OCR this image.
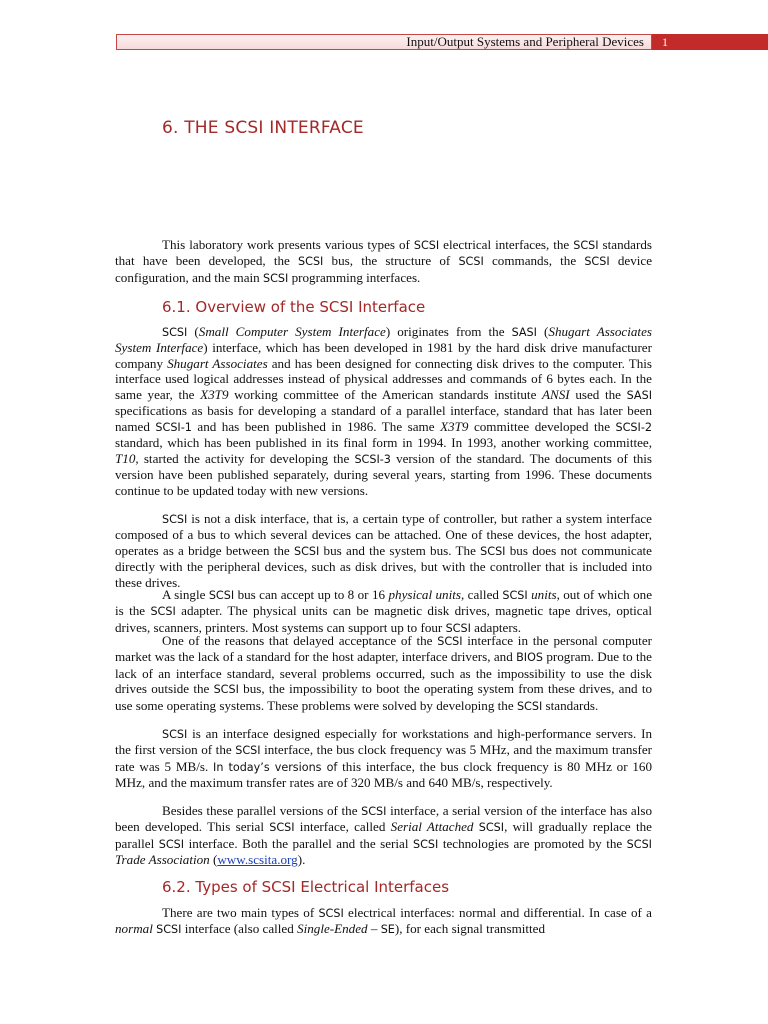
Input/Output Systems and Peripheral Devices 1
6. THE SCSI INTERFACE

This laboratory work presents various types of SCSI electrical interfaces, the SCSI standards that have been developed, the SCSI bus, the structure of SCSI commands, the SCSI device configuration, and the main SCSI programming interfaces.

6.1. Overview of the SCSI Interface

SCSI (Small Computer System Interface) originates from the SASI (Shugart Associates System Interface) interface, which has been developed in 1981 by the hard disk drive manufacturer company Shugart Associates and has been designed for connecting disk drives to the computer. This interface used logical addresses instead of physical addresses and commands of 6 bytes each. In the same year, the X3T9 working committee of the American standards institute ANSI used the SASI specifications as basis for developing a standard of a parallel interface, standard that has later been named SCSI-1 and has been published in 1986. The same X3T9 committee developed the SCSI-2 standard, which has been published in its final form in 1994. In 1993, another working committee, T10, started the activity for developing the SCSI-3 version of the standard. The documents of this version have been published separately, during several years, starting from 1996. These documents continue to be updated today with new versions.

SCSI is not a disk interface, that is, a certain type of controller, but rather a system interface composed of a bus to which several devices can be attached. One of these devices, the host adapter, operates as a bridge between the SCSI bus and the system bus. The SCSI bus does not communicate directly with the peripheral devices, such as disk drives, but with the controller that is included into these drives.

A single SCSI bus can accept up to 8 or 16 physical units, called SCSI units, out of which one is the SCSI adapter. The physical units can be magnetic disk drives, magnetic tape drives, optical drives, scanners, printers. Most systems can support up to four SCSI adapters.

One of the reasons that delayed acceptance of the SCSI interface in the personal computer market was the lack of a standard for the host adapter, interface drivers, and BIOS program. Due to the lack of an interface standard, several problems occurred, such as the impossibility to use the disk drives outside the SCSI bus, the impossibility to boot the operating system from these drives, and to use some operating systems. These problems were solved by developing the SCSI standards.

SCSI is an interface designed especially for workstations and high-performance servers. In the first version of the SCSI interface, the bus clock frequency was 5 MHz, and the maximum transfer rate was 5 MB/s. In today’s versions of this interface, the bus clock frequency is 80 MHz or 160 MHz, and the maximum transfer rates are of 320 MB/s and 640 MB/s, respectively.

Besides these parallel versions of the SCSI interface, a serial version of the interface has also been developed. This serial SCSI interface, called Serial Attached SCSI, will gradually replace the parallel SCSI interface. Both the parallel and the serial SCSI technologies are promoted by the SCSI Trade Association (www.scsita.org).

6.2. Types of SCSI Electrical Interfaces

There are two main types of SCSI electrical interfaces: normal and differential. In case of a normal SCSI interface (also called Single-Ended – SE), for each signal transmitted
